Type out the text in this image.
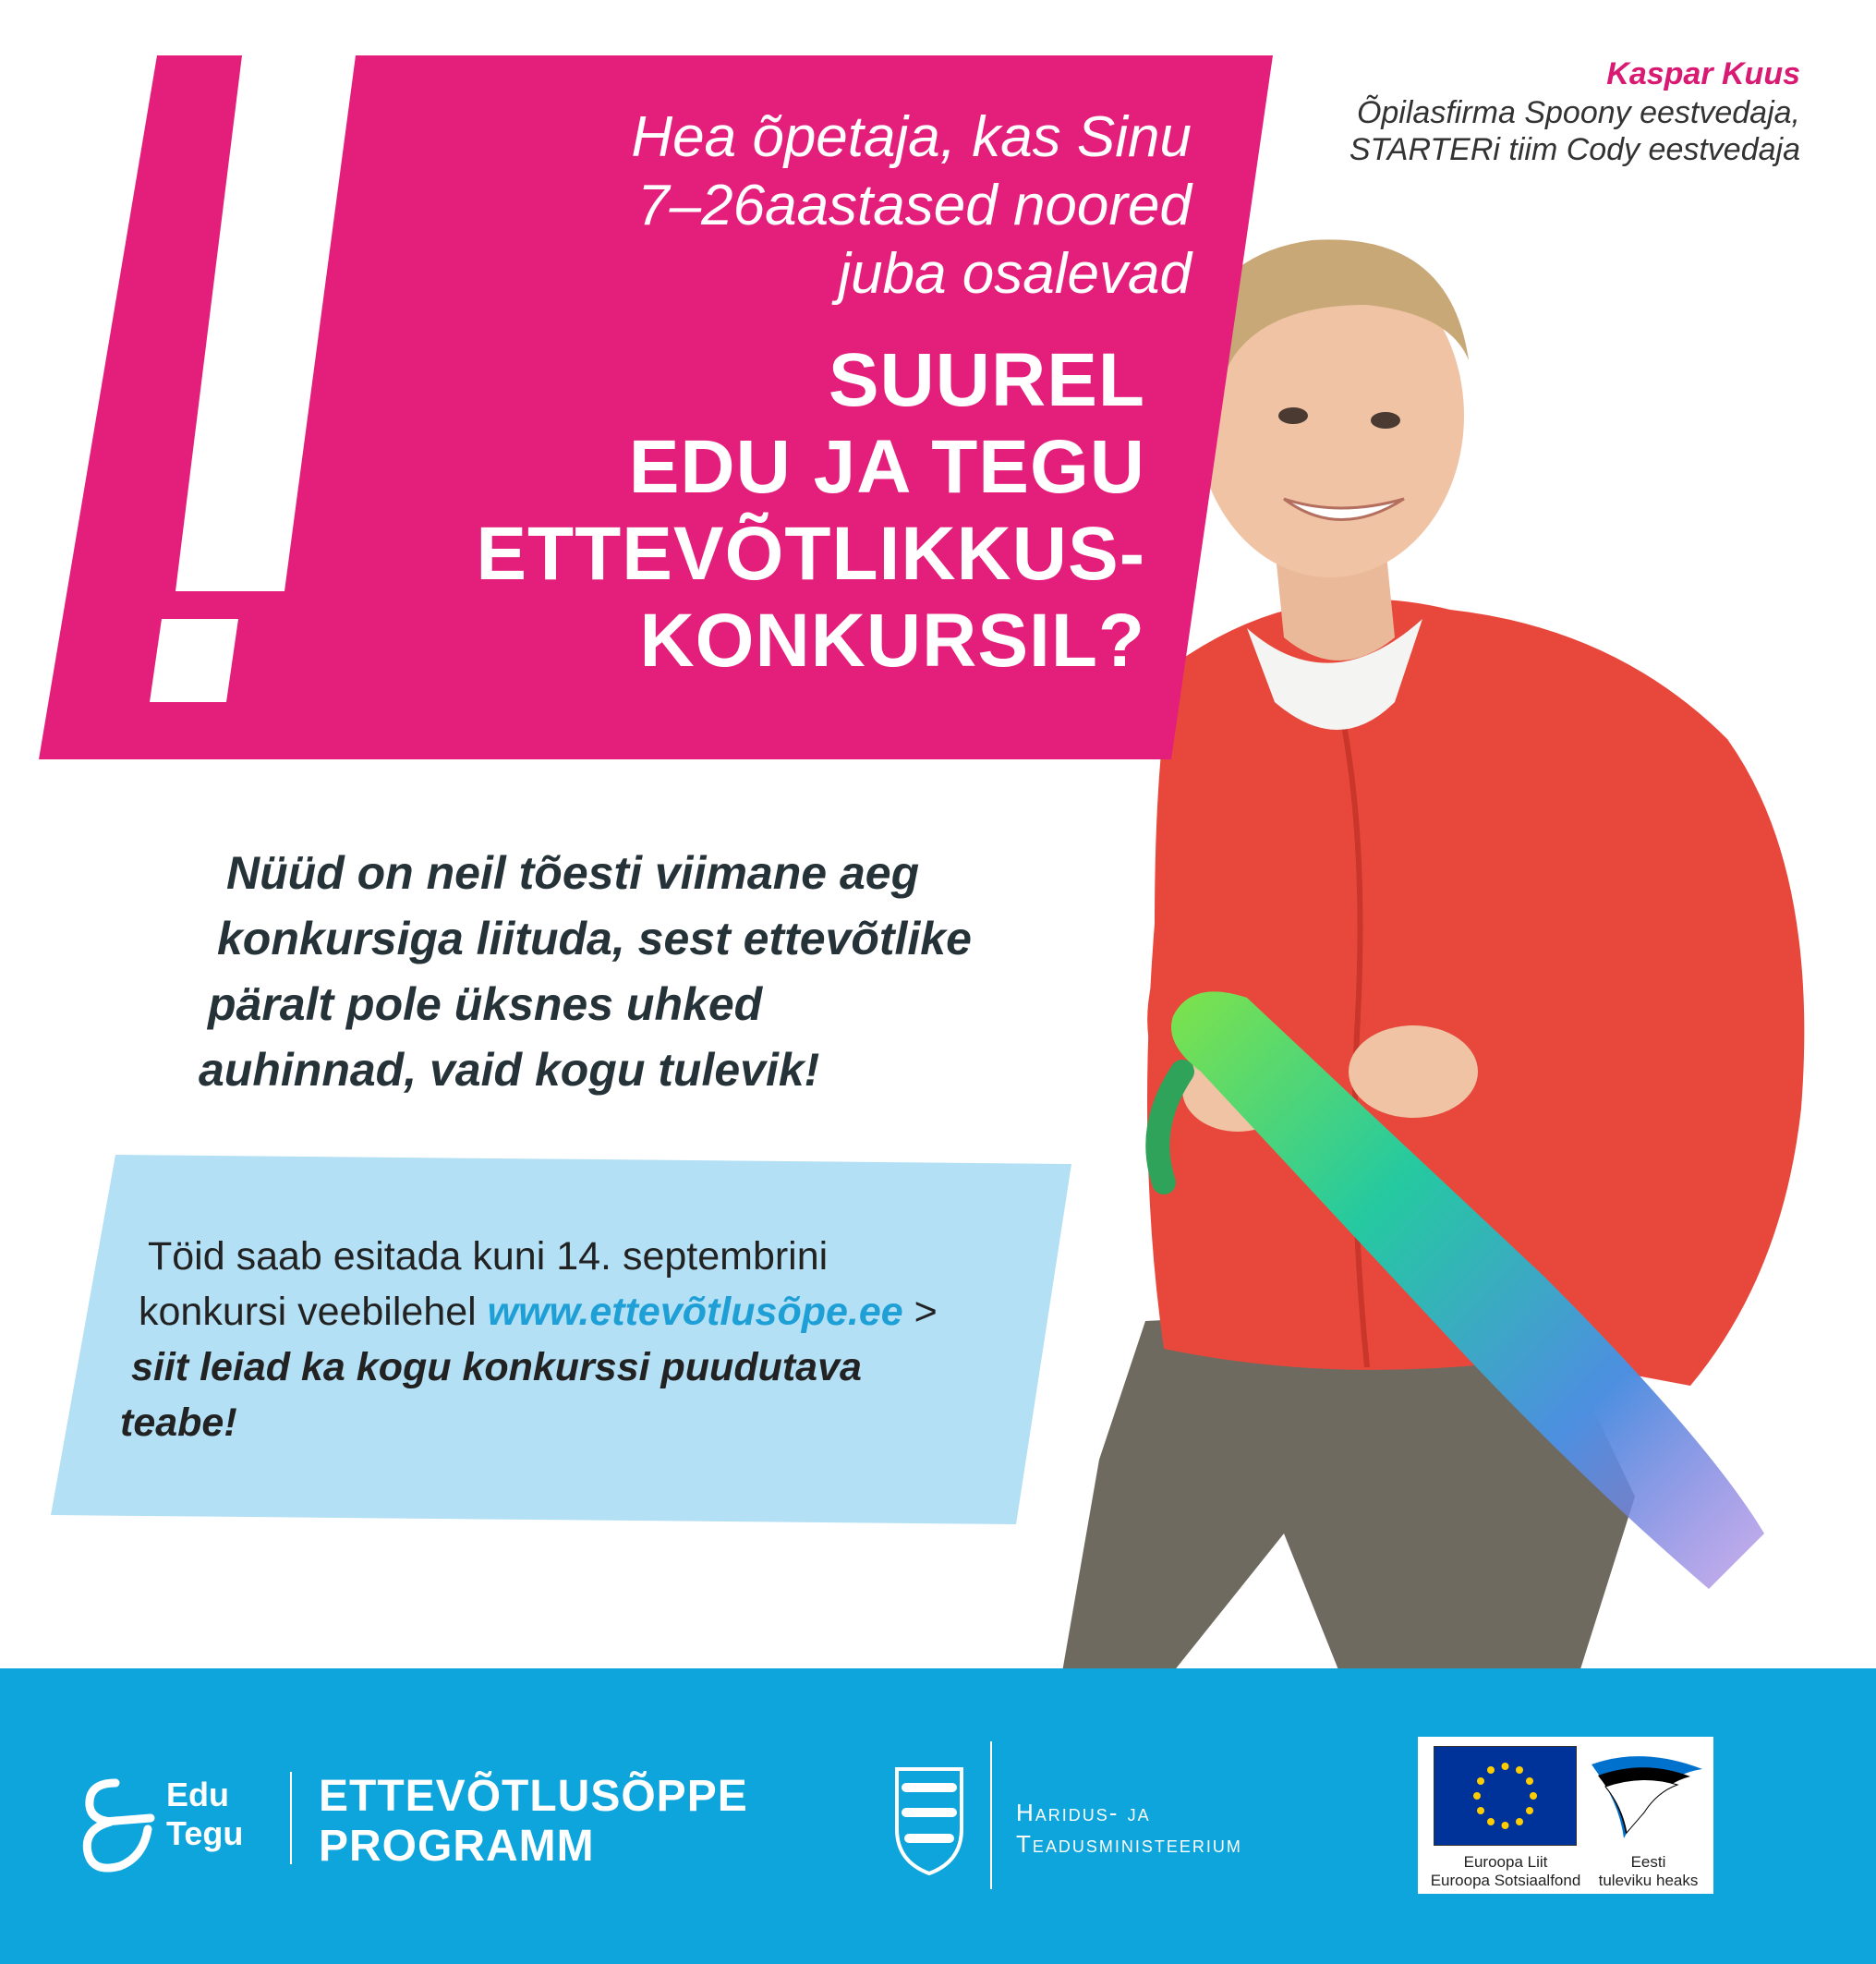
Hea õpetaja, kas Sinu
7–26aastased noored
juba osalevad
SUUREL
EDU JA TEGU
ETTEVÕTLIKKUS-
KONKURSIL?
Kaspar Kuus
Õpilasfirma Spoony eestvedaja,
STARTERi tiim Cody eestvedaja
Nüüd on neil tõesti viimane aeg
konkursiga liituda, sest ettevõtlike
päralt pole üksnes uhked
auhinnad, vaid kogu tulevik!
Töid saab esitada kuni 14. septembrini
konkursi veebilehel www.ettevõtlusõpe.ee >
siit leiad ka kogu konkurssi puudutava
teabe!
Edu
Tegu
ETTEVÕTLUSÕPPE
PROGRAMM
Haridus- ja
Teadusministeerium
Euroopa Liit
Euroopa Sotsiaalfond
Eesti
tuleviku heaks
